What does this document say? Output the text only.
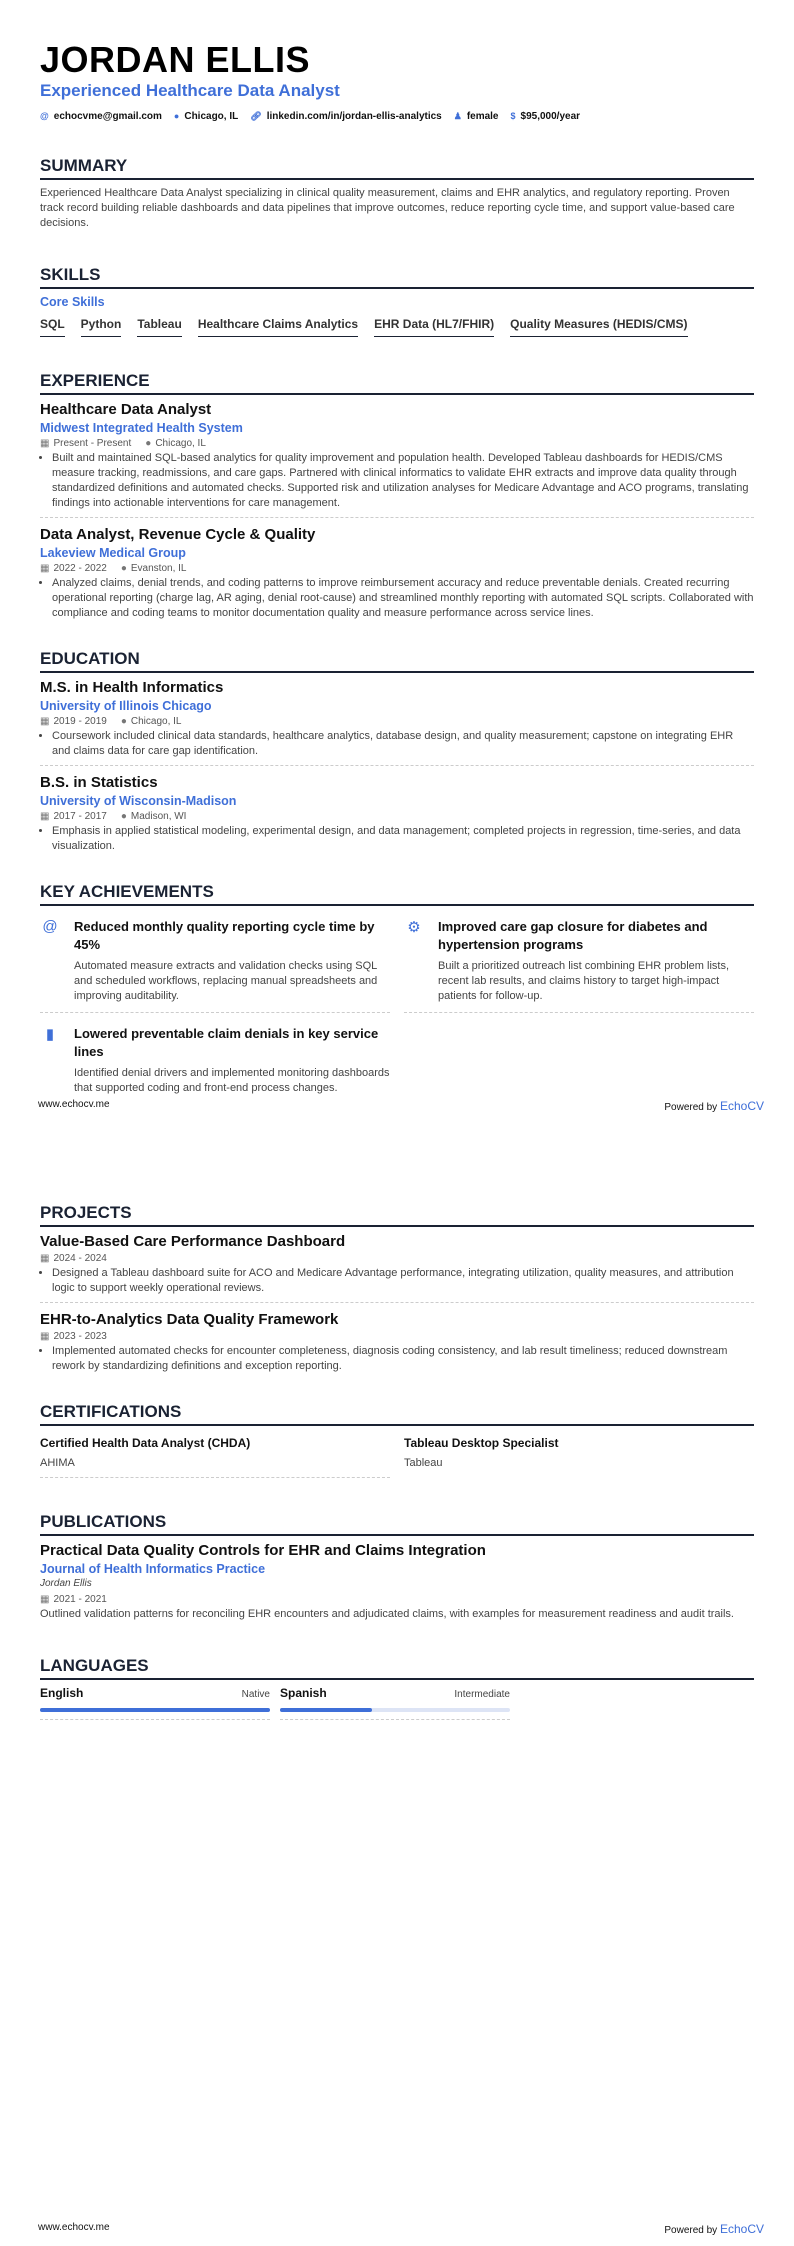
JORDAN ELLIS
Experienced Healthcare Data Analyst
@ echocvme@gmail.com ● Chicago, IL 🔗︎ linkedin.com/in/jordan-ellis-analytics ♟ female $ $95,000/year
SUMMARY

Experienced Healthcare Data Analyst specializing in clinical quality measurement, claims and EHR analytics, and regulatory reporting. Proven track record building reliable dashboards and data pipelines that improve outcomes, reduce reporting cycle time, and support value-based care decisions.

SKILLS
Core Skills
SQL Python Tableau Healthcare Claims Analytics EHR Data (HL7/FHIR) Quality Measures (HEDIS/CMS)
EXPERIENCE
Healthcare Data Analyst
Midwest Integrated Health System
▦ Present - Present ● Chicago, IL
• Built and maintained SQL-based analytics for quality improvement and population health. Developed Tableau dashboards for HEDIS/CMS measure tracking, readmissions, and care gaps. Partnered with clinical informatics to validate EHR extracts and improve data quality through standardized definitions and automated checks. Supported risk and utilization analyses for Medicare Advantage and ACO programs, translating findings into actionable interventions for care management.
Data Analyst, Revenue Cycle & Quality
Lakeview Medical Group
▦ 2022 - 2022 ● Evanston, IL
• Analyzed claims, denial trends, and coding patterns to improve reimbursement accuracy and reduce preventable denials. Created recurring operational reporting (charge lag, AR aging, denial root-cause) and streamlined monthly reporting with automated SQL scripts. Collaborated with compliance and coding teams to monitor documentation quality and measure performance across service lines.
EDUCATION
M.S. in Health Informatics
University of Illinois Chicago
▦ 2019 - 2019 ● Chicago, IL
• Coursework included clinical data standards, healthcare analytics, database design, and quality measurement; capstone on integrating EHR and claims data for care gap identification.
B.S. in Statistics
University of Wisconsin-Madison
▦ 2017 - 2017 ● Madison, WI
• Emphasis in applied statistical modeling, experimental design, and data management; completed projects in regression, time-series, and data visualization.
KEY ACHIEVEMENTS
@ Reduced monthly quality reporting cycle time by 45%

Automated measure extracts and validation checks using SQL and scheduled workflows, replacing manual spreadsheets and improving auditability.

⚙ Improved care gap closure for diabetes and hypertension programs

Built a prioritized outreach list combining EHR problem lists, recent lab results, and claims history to target high-impact patients for follow-up.

▮	Lowered preventable claim denials in key service lines

Identified denial drivers and implemented monitoring dashboards that supported coding and front-end process changes.

www.echocv.me	Powered by EchoCV
PROJECTS
Value-Based Care Performance Dashboard
▦ 2024 - 2024
• Designed a Tableau dashboard suite for ACO and Medicare Advantage performance, integrating utilization, quality measures, and attribution logic to support weekly operational reviews.
EHR-to-Analytics Data Quality Framework
▦ 2023 - 2023
• Implemented automated checks for encounter completeness, diagnosis coding consistency, and lab result timeliness; reduced downstream rework by standardizing definitions and exception reporting.
CERTIFICATIONS
Certified Health Data Analyst (CHDA)

AHIMA

Tableau Desktop Specialist

Tableau

PUBLICATIONS
Practical Data Quality Controls for EHR and Claims Integration
Journal of Health Informatics Practice
Jordan Ellis
▦ 2021 - 2021

Outlined validation patterns for reconciling EHR encounters and adjudicated claims, with examples for measurement readiness and audit trails.

LANGUAGES
English	Native Spanish	Intermediate
www.echocv.me	Powered by EchoCV
